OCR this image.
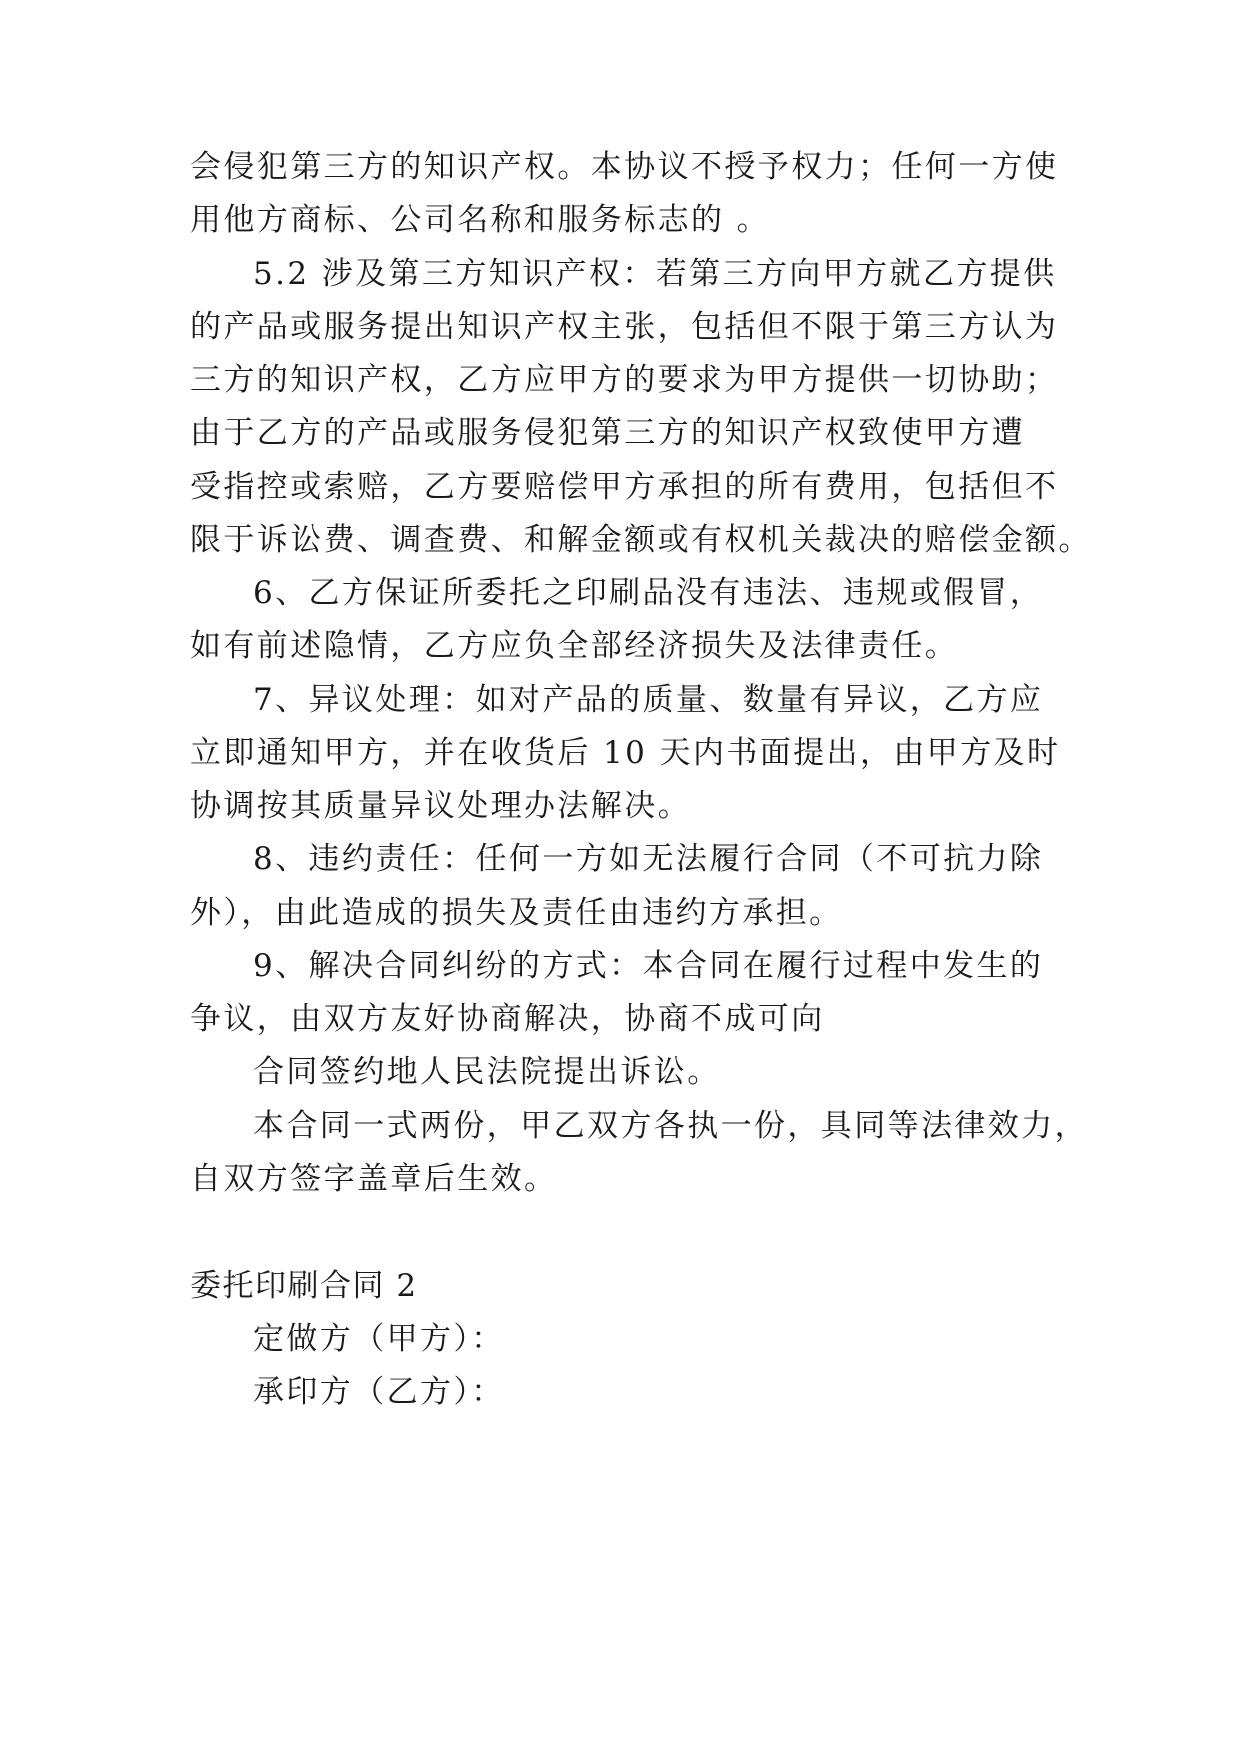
会侵犯第三方的知识产权。本协议不授予权力；任何一方使
用他方商标、公司名称和服务标志的 。
5.2 涉及第三方知识产权：若第三方向甲方就乙方提供
的产品或服务提出知识产权主张，包括但不限于第三方认为
三方的知识产权，乙方应甲方的要求为甲方提供一切协助；
由于乙方的产品或服务侵犯第三方的知识产权致使甲方遭
受指控或索赔，乙方要赔偿甲方承担的所有费用，包括但不
限于诉讼费、调查费、和解金额或有权机关裁决的赔偿金额。
6、乙方保证所委托之印刷品没有违法、违规或假冒，
如有前述隐情，乙方应负全部经济损失及法律责任。
7、异议处理：如对产品的质量、数量有异议，乙方应
立即通知甲方，并在收货后 10 天内书面提出，由甲方及时
协调按其质量异议处理办法解决。
8、违约责任：任何一方如无法履行合同（不可抗力除
外），由此造成的损失及责任由违约方承担。
9、解决合同纠纷的方式：本合同在履行过程中发生的
争议，由双方友好协商解决，协商不成可向
合同签约地人民法院提出诉讼。
本合同一式两份，甲乙双方各执一份，具同等法律效力，
自双方签字盖章后生效。
委托印刷合同 2
定做方（甲方）：
承印方（乙方）：
